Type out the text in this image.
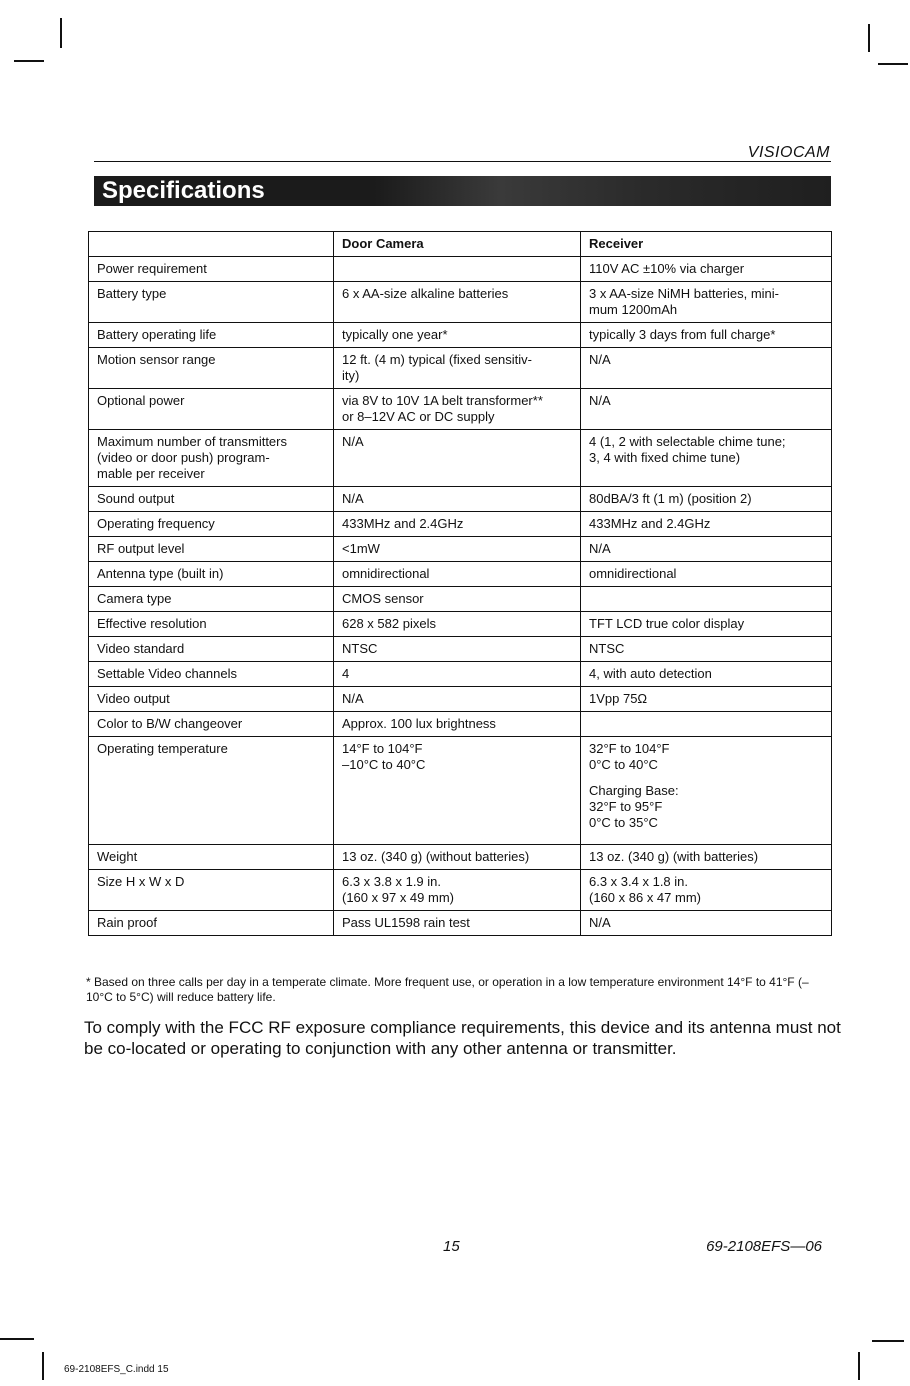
VISIOCAM
Specifications
	Door Camera	Receiver

Power requirement		110V AC ±10% via charger

Battery type	6 x AA-size alkaline batteries	3 x AA-size NiMH batteries, mini-
mum 1200mAh

Battery operating life	typically one year*	typically 3 days from full charge*

Motion sensor range	12 ft. (4 m) typical (fixed sensitiv-
ity)	N/A

Optional power	via 8V to 10V 1A belt transformer**
or 8–12V AC or DC supply	N/A

Maximum number of transmitters
(video or door push) program-
mable per receiver	N/A	4 (1, 2 with selectable chime tune;
3, 4 with fixed chime tune)

Sound output	N/A	80dBA/3 ft (1 m) (position 2)

Operating frequency	433MHz and 2.4GHz	433MHz and 2.4GHz

RF output level	<1mW	N/A

Antenna type (built in)	omnidirectional	omnidirectional

Camera type	CMOS sensor	

Effective resolution	628 x 582 pixels	TFT LCD true color display

Video standard	NTSC	NTSC

Settable Video channels	4	4, with auto detection

Video output	N/A	1Vpp 75Ω

Color to B/W changeover	Approx. 100 lux brightness	

Operating temperature	14°F to 104°F
–10°C to 40°C	32°F to 104°F
0°C to 40°C
Charging Base:
32°F to 95°F
0°C to 35°C

Weight	13 oz. (340 g) (without batteries)	13 oz. (340 g) (with batteries)

Size H x W x D	6.3 x 3.8 x 1.9 in.
(160 x 97 x 49 mm)	6.3 x 3.4 x 1.8 in.
(160 x 86 x 47 mm)

Rain proof	Pass UL1598 rain test	N/A
* Based on three calls per day in a temperate climate. More frequent use, or operation in a low temperature environment 14°F to 41°F (–10°C to 5°C) will reduce battery life.
To comply with the FCC RF exposure compliance requirements, this device and its antenna must not be co-located or operating to conjunction with any other antenna or transmitter.
15	69-2108EFS—06
69-2108EFS_C.indd 15
